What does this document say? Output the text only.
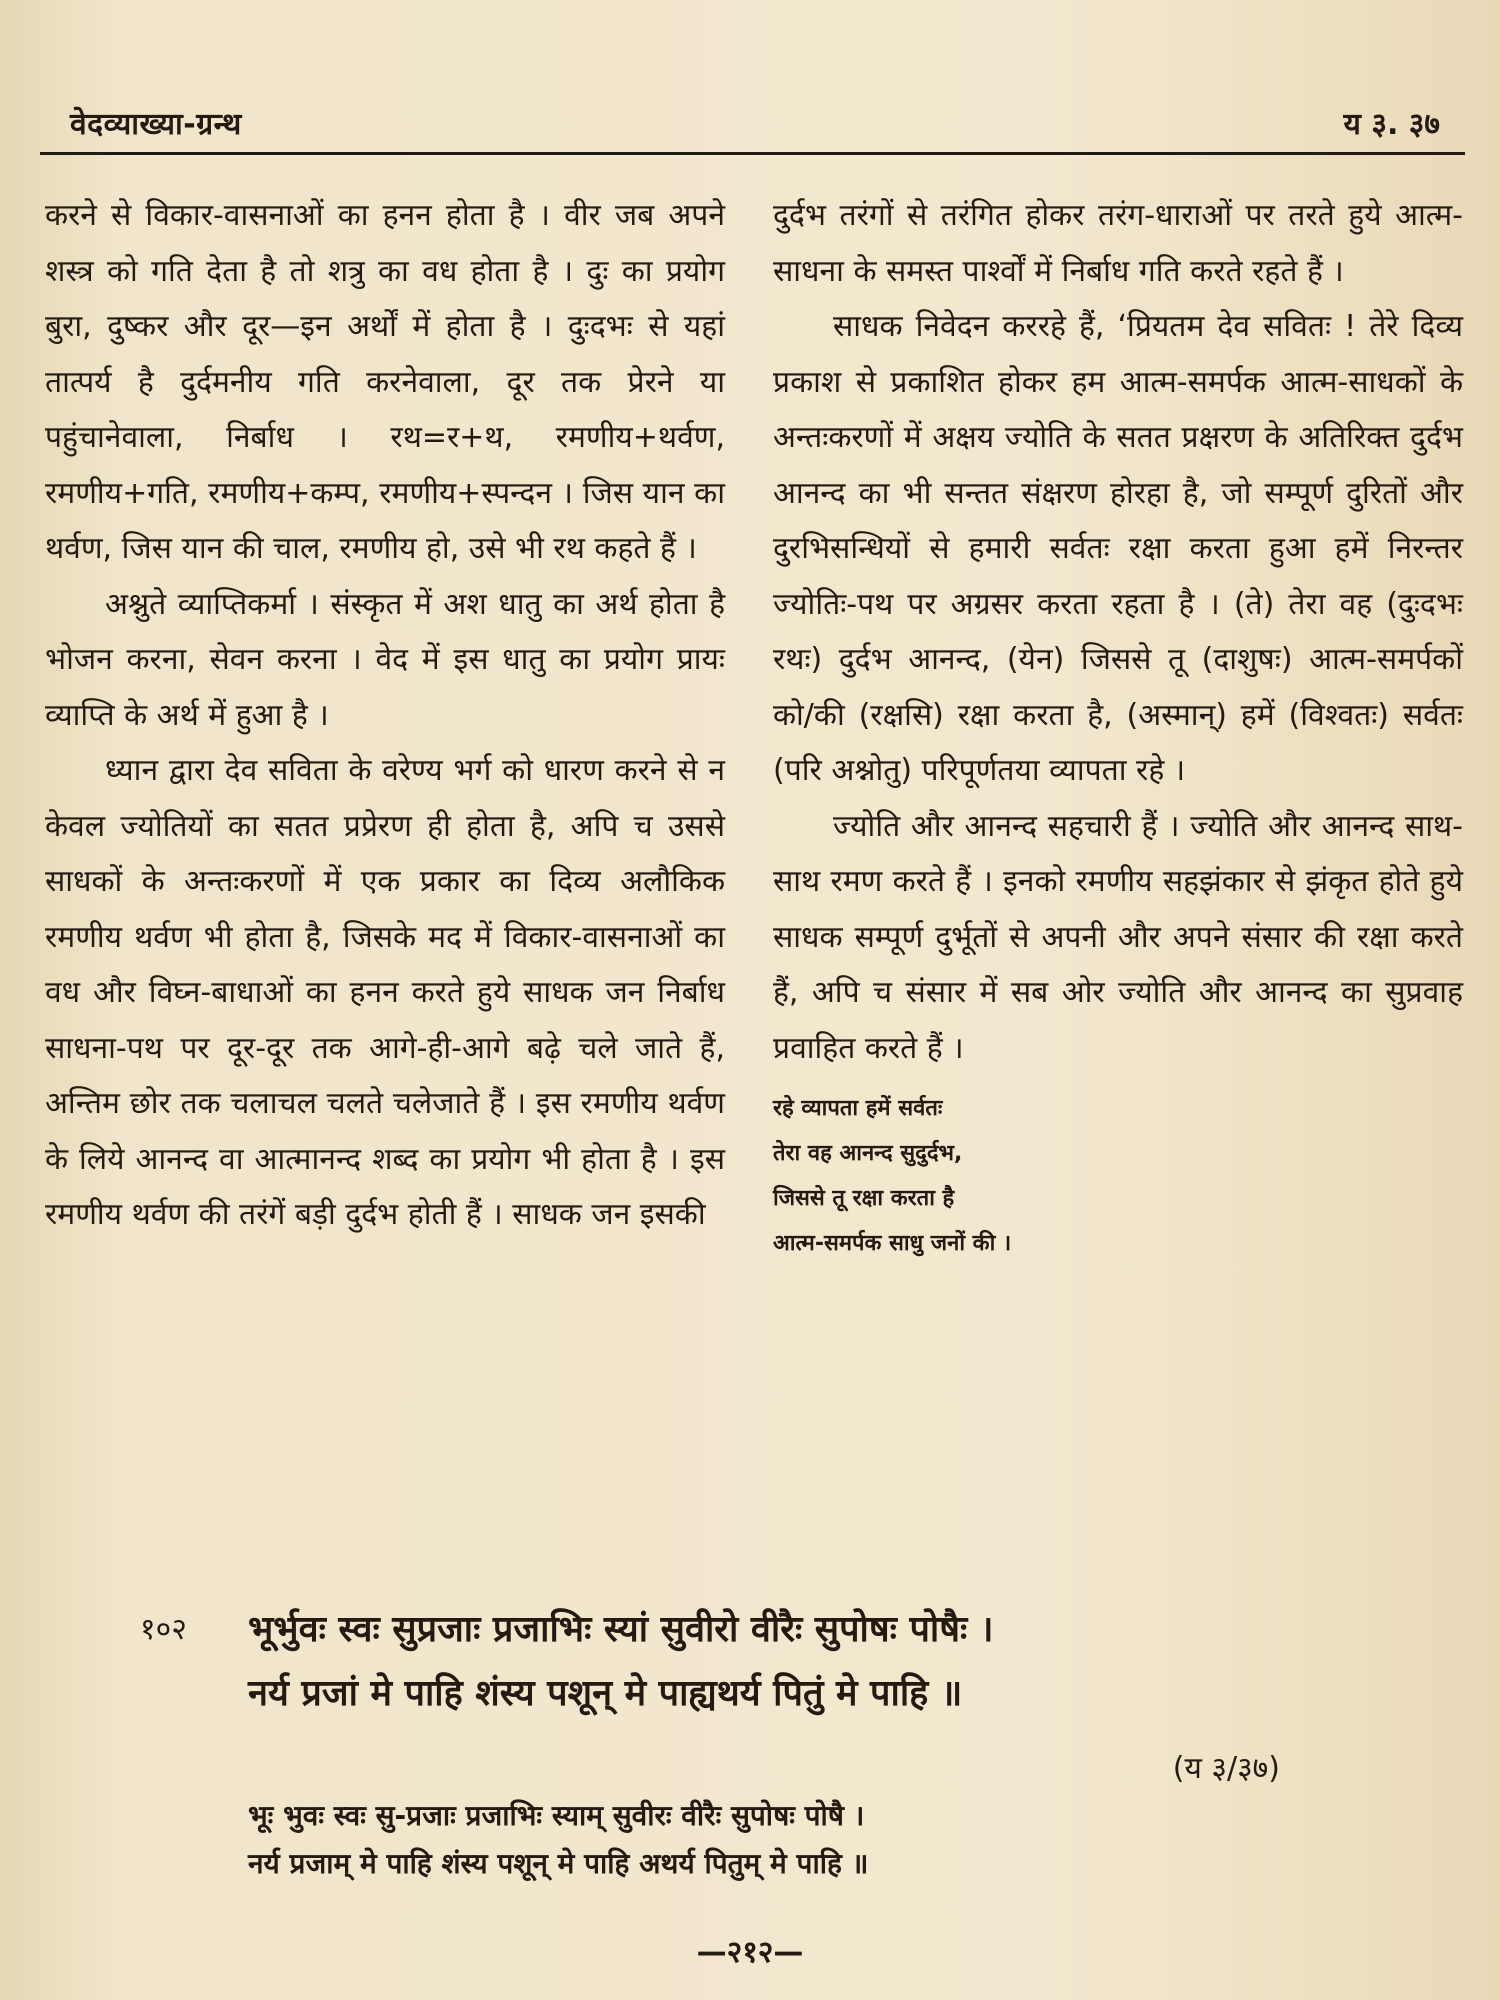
वेदव्याख्या-ग्रन्थ	य ३. ३७

करने से विकार-वासनाओं का हनन होता है । वीर जब अपने शस्त्र को गति देता है तो शत्रु का वध होता है । दुः का प्रयोग बुरा, दुष्कर और दूर—इन अर्थों में होता है । दुःदभः से यहां तात्पर्य है दुर्दमनीय गति करनेवाला, दूर तक प्रेरने या पहुंचानेवाला, निर्बाध । रथ=र+थ, रमणीय+थर्वण, रमणीय+गति, रमणीय+कम्प, रमणीय+स्पन्दन । जिस यान का थर्वण, जिस यान की चाल, रमणीय हो, उसे भी रथ कहते हैं ।

अश्नुते व्याप्तिकर्मा । संस्कृत में अश धातु का अर्थ होता है भोजन करना, सेवन करना । वेद में इस धातु का प्रयोग प्रायः व्याप्ति के अर्थ में हुआ है ।

ध्यान द्वारा देव सविता के वरेण्य भर्ग को धारण करने से न केवल ज्योतियों का सतत प्रप्रेरण ही होता है, अपि च उससे साधकों के अन्तःकरणों में एक प्रकार का दिव्य अलौकिक रमणीय थर्वण भी होता है, जिसके मद में विकार-वासनाओं का वध और विघ्न-बाधाओं का हनन करते हुये साधक जन निर्बाध साधना-पथ पर दूर-दूर तक आगे-ही-आगे बढ़े चले जाते हैं, अन्तिम छोर तक चलाचल चलते चलेजाते हैं । इस रमणीय थर्वण के लिये आनन्द वा आत्मानन्द शब्द का प्रयोग भी होता है । इस रमणीय थर्वण की तरंगें बड़ी दुर्दभ होती हैं । साधक जन इसकी

दुर्दभ तरंगों से तरंगित होकर तरंग-धाराओं पर तरते हुये आत्म-साधना के समस्त पार्श्वों में निर्बाध गति करते रहते हैं ।

साधक निवेदन कररहे हैं, ‘प्रियतम देव सवितः ! तेरे दिव्य प्रकाश से प्रकाशित होकर हम आत्म-समर्पक आत्म-साधकों के अन्तःकरणों में अक्षय ज्योति के सतत प्रक्षरण के अतिरिक्त दुर्दभ आनन्द का भी सन्तत संक्षरण होरहा है, जो सम्पूर्ण दुरितों और दुरभिसन्धियों से हमारी सर्वतः रक्षा करता हुआ हमें निरन्तर ज्योतिः-पथ पर अग्रसर करता रहता है । (ते) तेरा वह (दुःदभः रथः) दुर्दभ आनन्द, (येन) जिससे तू (दाशुषः) आत्म-समर्पकों को/की (रक्षसि) रक्षा करता है, (अस्मान्) हमें (विश्वतः) सर्वतः (परि अश्नोतु) परिपूर्णतया व्यापता रहे ।

ज्योति और आनन्द सहचारी हैं । ज्योति और आनन्द साथ-साथ रमण करते हैं । इनको रमणीय सहझंकार से झंकृत होते हुये साधक सम्पूर्ण दुर्भूतों से अपनी और अपने संसार की रक्षा करते हैं, अपि च संसार में सब ओर ज्योति और आनन्द का सुप्रवाह प्रवाहित करते हैं ।

रहे व्यापता हमें सर्वतः
तेरा वह आनन्द सुदुर्दभ,
जिससे तू रक्षा करता है
आत्म-समर्पक साधु जनों की ।
१०२ भूर्भुवः स्वः सुप्रजाः प्रजाभिः स्यां सुवीरो वीरैः सुपोषः पोषैः ।
नर्य प्रजां मे पाहि शंस्य पशून् मे पाह्यथर्य पितुं मे पाहि ॥
(य ३/३७)
भूः भुवः स्वः सु-प्रजाः प्रजाभिः स्याम् सुवीरः वीरैः सुपोषः पोषै ।
नर्य प्रजाम् मे पाहि शंस्य पशून् मे पाहि अथर्य पितुम् मे पाहि ॥
—२१२—
